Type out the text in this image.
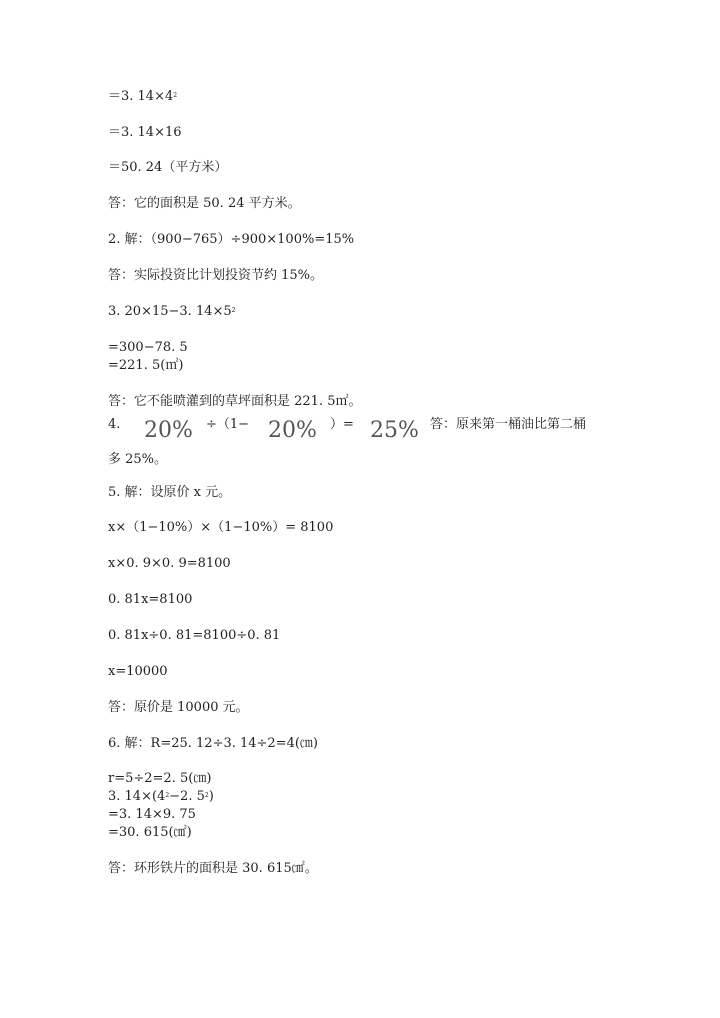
＝3. $14\times 4^2$
＝3. 14×16
＝50. 24（平方米）
答：它的面积是 50. 24 平方米。
2. 解：（900−765）÷900×100%=15%
答：实际投资比计划投资节约 15%。
3. 20×15−3. $14\times 5^2$
=300−78. 5
=221. 5(㎡)
答：它不能喷灌到的草坪面积是 221. 5㎡。
4. 20% ÷（1− 20% ）= 25% 答：原来第一桶油比第二桶
多 25%。
5. 解：设原价 x 元。
x×（1−10%）×（1−10%）= 8100
x×0. 9×0. 9=8100
0. 81x=8100
0. 81x÷0. 81=8100÷0. 81
x=10000
答：原价是 10000 元。
6. 解：R=25. 12÷3. 14÷2=4(㎝)
r=5÷2=2. 5(㎝)
3. $14\times(4^2-2$. $5^2$)
=3. 14×9. 75
=30. 615(㎠)
答：环形铁片的面积是 30. 615㎠。
